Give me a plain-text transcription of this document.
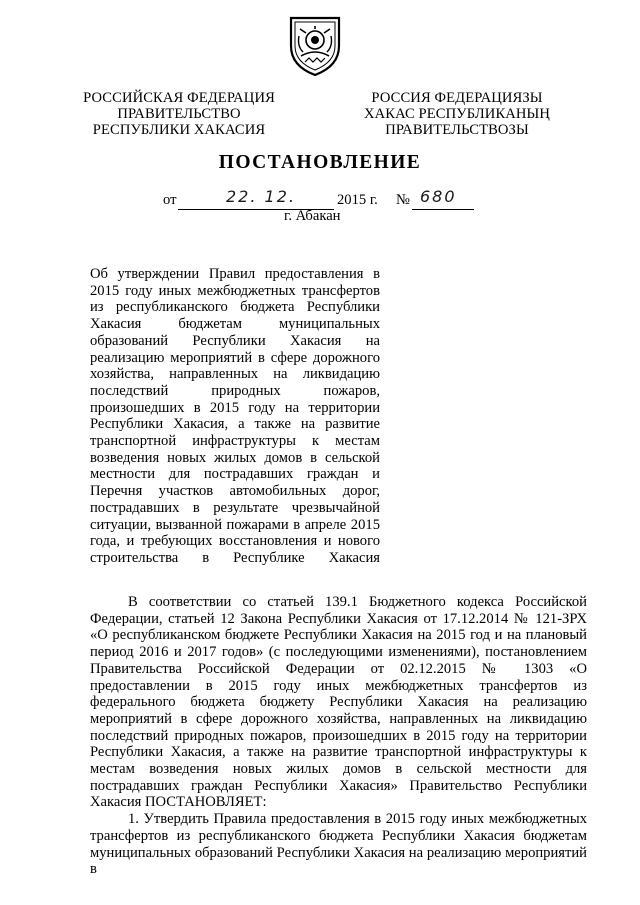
РОССИЙСКАЯ ФЕДЕРАЦИЯ
ПРАВИТЕЛЬСТВО
РЕСПУБЛИКИ ХАКАСИЯ
РОССИЯ ФЕДЕРАЦИЯЗЫ
ХАКАС РЕСПУБЛИКАНЫҢ
ПРАВИТЕЛЬСТВОЗЫ
ПОСТАНОВЛЕНИЕ
от	22. 12.	2015 г. № 680
г. Абакан
Об утверждении Правил предоставления в 2015 году иных межбюджетных трансфертов из республиканского бюджета Республики Хакасия бюджетам муниципальных образований Республики Хакасия на реализацию мероприятий в сфере дорожного хозяйства, направленных на ликвидацию последствий природных пожаров, произошедших в 2015 году на территории Республики Хакасия, а также на развитие транспортной инфраструктуры к местам возведения новых жилых домов в сельской местности для пострадавших граждан и Перечня участков автомобильных дорог, пострадавших в результате чрезвычайной ситуации, вызванной пожарами в апреле 2015 года, и требующих восстановления и нового строительства в Республике Хакасия

В соответствии со статьей 139.1 Бюджетного кодекса Российской Федерации, статьей 12 Закона Республики Хакасия от 17.12.2014 № 121-ЗРХ «О республиканском бюджете Республики Хакасия на 2015 год и на плановый период 2016 и 2017 годов» (с последующими изменениями), постановлением Правительства Российской Федерации от 02.12.2015 № 1303 «О предоставлении в 2015 году иных межбюджетных трансфертов из федерального бюджета бюджету Республики Хакасия на реализацию мероприятий в сфере дорожного хозяйства, направленных на ликвидацию последствий природных пожаров, произошедших в 2015 году на территории Республики Хакасия, а также на развитие транспортной инфраструктуры к местам возведения новых жилых домов в сельской местности для пострадавших граждан Республики Хакасия» Правительство Республики Хакасия ПОСТАНОВЛЯЕТ:

1. Утвердить Правила предоставления в 2015 году иных межбюджетных трансфертов из республиканского бюджета Республики Хакасия бюджетам муниципальных образований Республики Хакасия на реализацию мероприятий в
